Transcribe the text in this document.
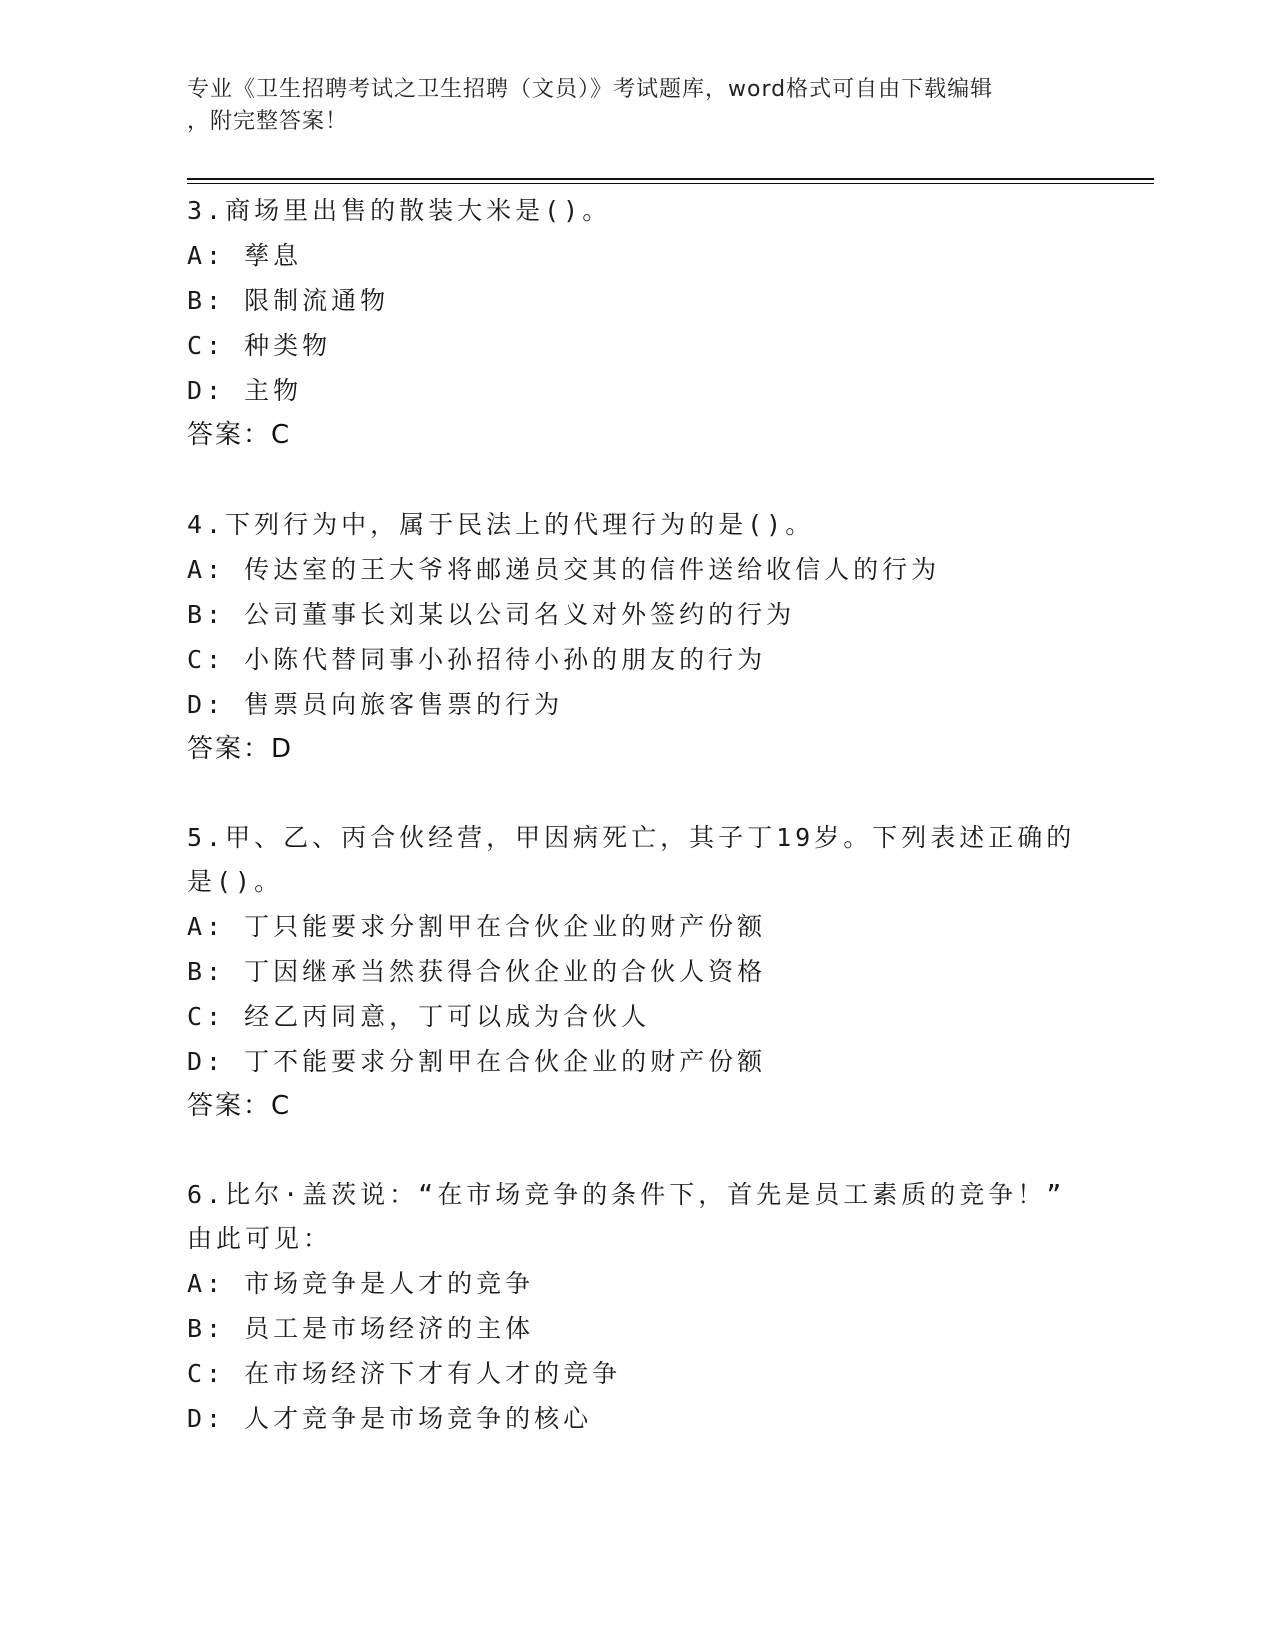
专业《卫生招聘考试之卫生招聘（文员）》考试题库，word格式可自由下载编辑
，附完整答案！

3.商场里出售的散装大米是()。

A: 孳息

B: 限制流通物

C: 种类物

D: 主物

答案：C

4.下列行为中，属于民法上的代理行为的是()。

A: 传达室的王大爷将邮递员交其的信件送给收信人的行为

B: 公司董事长刘某以公司名义对外签约的行为

C: 小陈代替同事小孙招待小孙的朋友的行为

D: 售票员向旅客售票的行为

答案：D

5.甲、乙、丙合伙经营，甲因病死亡，其子丁19岁。下列表述正确的

是()。

A: 丁只能要求分割甲在合伙企业的财产份额

B: 丁因继承当然获得合伙企业的合伙人资格

C: 经乙丙同意，丁可以成为合伙人

D: 丁不能要求分割甲在合伙企业的财产份额

答案：C

6.比尔·盖茨说：“在市场竞争的条件下，首先是员工素质的竞争！”

由此可见：

A: 市场竞争是人才的竞争

B: 员工是市场经济的主体

C: 在市场经济下才有人才的竞争

D: 人才竞争是市场竞争的核心
